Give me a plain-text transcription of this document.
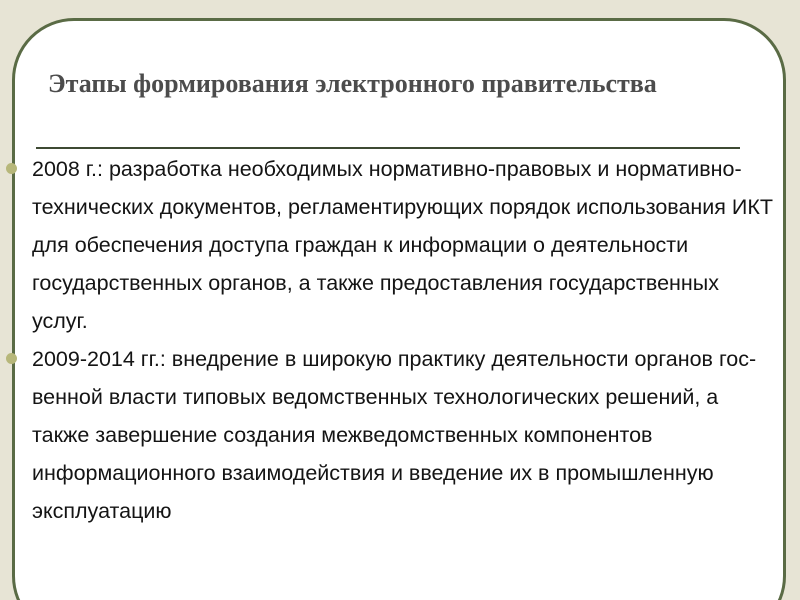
Этапы формирования электронного правительства
2008 г.: разработка необходимых нормативно-правовых и нормативно-технических документов, регламентирующих порядок использования ИКТ для обеспечения доступа граждан к информации о деятельности государственных органов, а также предоставления государственных услуг.
2009-2014 гг.: внедрение в широкую практику деятельности органов гос-венной власти типовых ведомственных технологических решений, а также завершение создания межведомственных компонентов информационного взаимодействия и введение их в промышленную эксплуатацию
